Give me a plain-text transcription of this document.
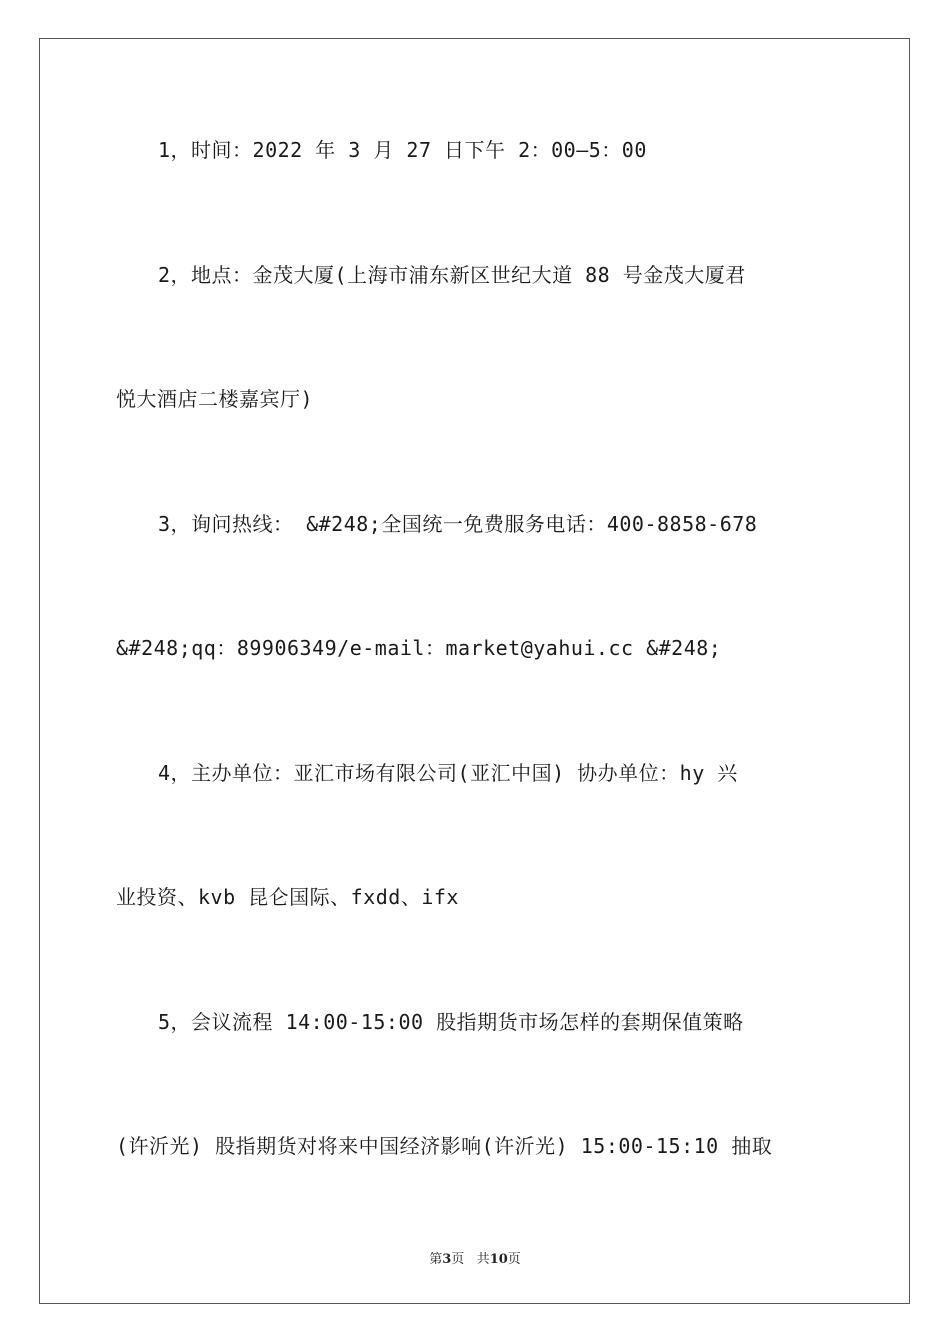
1，时间：2022 年 3 月 27 日下午 2：00—5：00
2，地点：金茂大厦(上海市浦东新区世纪大道 88 号金茂大厦君
悦大酒店二楼嘉宾厅)
3，询问热线： &#248;全国统一免费服务电话：400-8858-678
&#248;qq：89906349/e-mail：market@yahui.cc &#248;
4，主办单位：亚汇市场有限公司(亚汇中国) 协办单位：hy 兴
业投资、kvb 昆仑国际、fxdd、ifx
5，会议流程 14:00-15:00 股指期货市场怎样的套期保值策略
(许沂光) 股指期货对将来中国经济影响(许沂光) 15:00-15:10 抽取
第3页 共10页
